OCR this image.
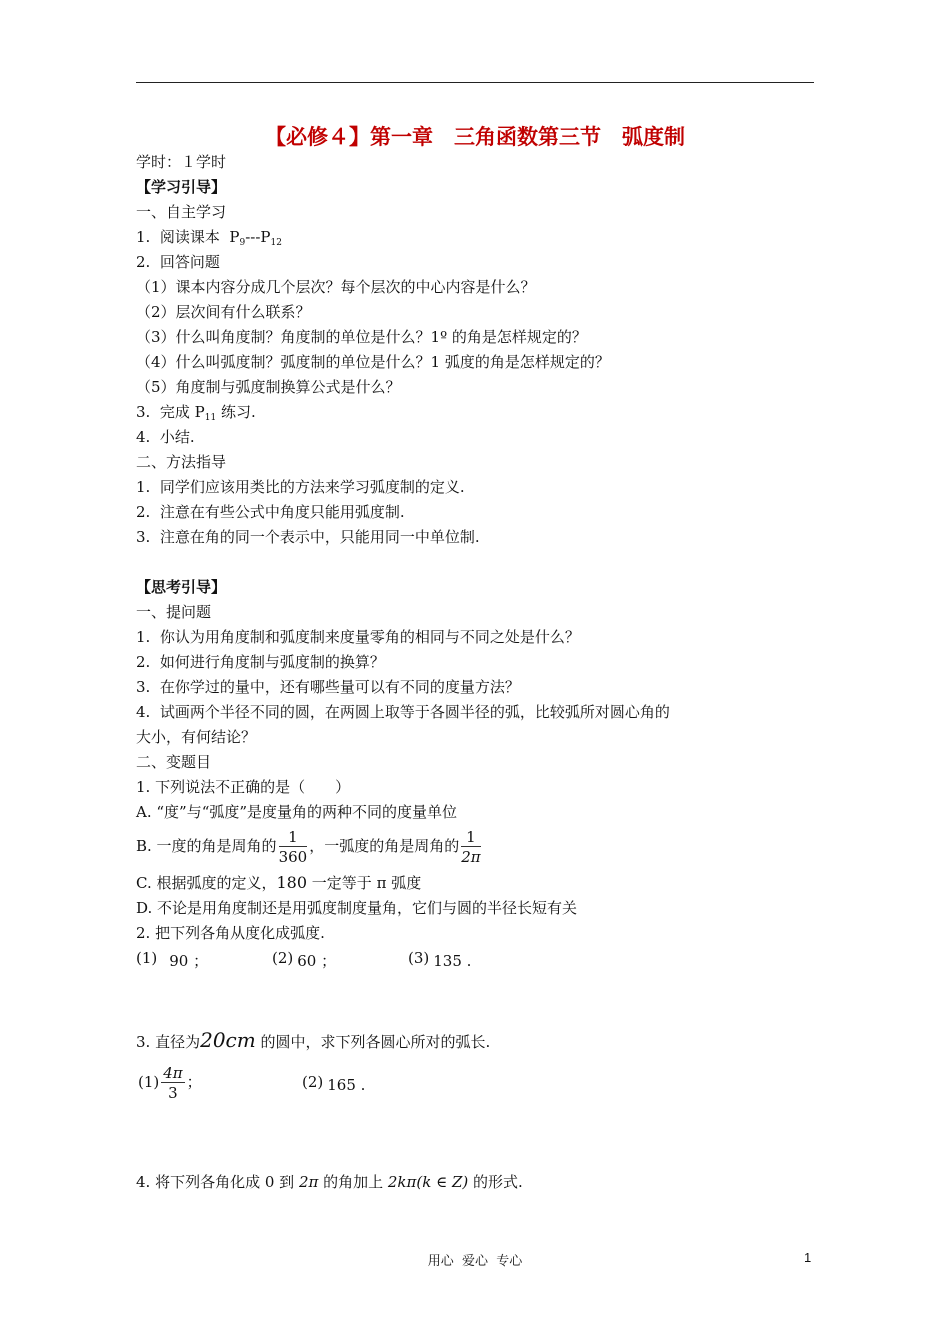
【必修４】第一章　三角函数第三节　弧度制
学时：１学时
【学习引导】
一、自主学习
1.  阅读课本  $P_9---P_{12}$
2.  回答问题
（1）课本内容分成几个层次？每个层次的中心内容是什么？
（2）层次间有什么联系？
（3）什么叫角度制？角度制的单位是什么？1º 的角是怎样规定的？
（4）什么叫弧度制？弧度制的单位是什么？1 弧度的角是怎样规定的？
（5）角度制与弧度制换算公式是什么？
3.  完成 $P_{11}$ 练习.
4.  小结.
二、方法指导
1.  同学们应该用类比的方法来学习弧度制的定义.
2.  注意在有些公式中角度只能用弧度制.
3.  注意在角的同一个表示中，只能用同一中单位制.
【思考引导】
一、提问题
1.  你认为用角度制和弧度制来度量零角的相同与不同之处是什么？
2.  如何进行角度制与弧度制的换算？
3.  在你学过的量中，还有哪些量可以有不同的度量方法？
4.  试画两个半径不同的圆，在两圆上取等于各圆半径的弧，比较弧所对圆心角的
大小，有何结论？
二、变题目
1. 下列说法不正确的是（　　）
A. “度”与“弧度”是度量角的两种不同的度量单位
B. 一度的角是周角的 $\frac{1}{360}$ ，一弧度的角是周角的 $\frac{1}{2\pi}$
C. 根据弧度的定义，180 一定等于 π 弧度
D. 不论是用角度制还是用弧度制度量角，它们与圆的半径长短有关
2. 把下列各角从度化成弧度.
(1) 90 ；	(2) 60 ；	(3) 135 .
3. 直径为20cm 的圆中，求下列各圆心所对的弧长.
$(1) \frac{4\pi}{3}$ ；	(2) 165 .
4. 将下列各角化成 0 到 2π 的角加上 2kπ(k ∈ Z) 的形式.
用心  爱心  专心	1
